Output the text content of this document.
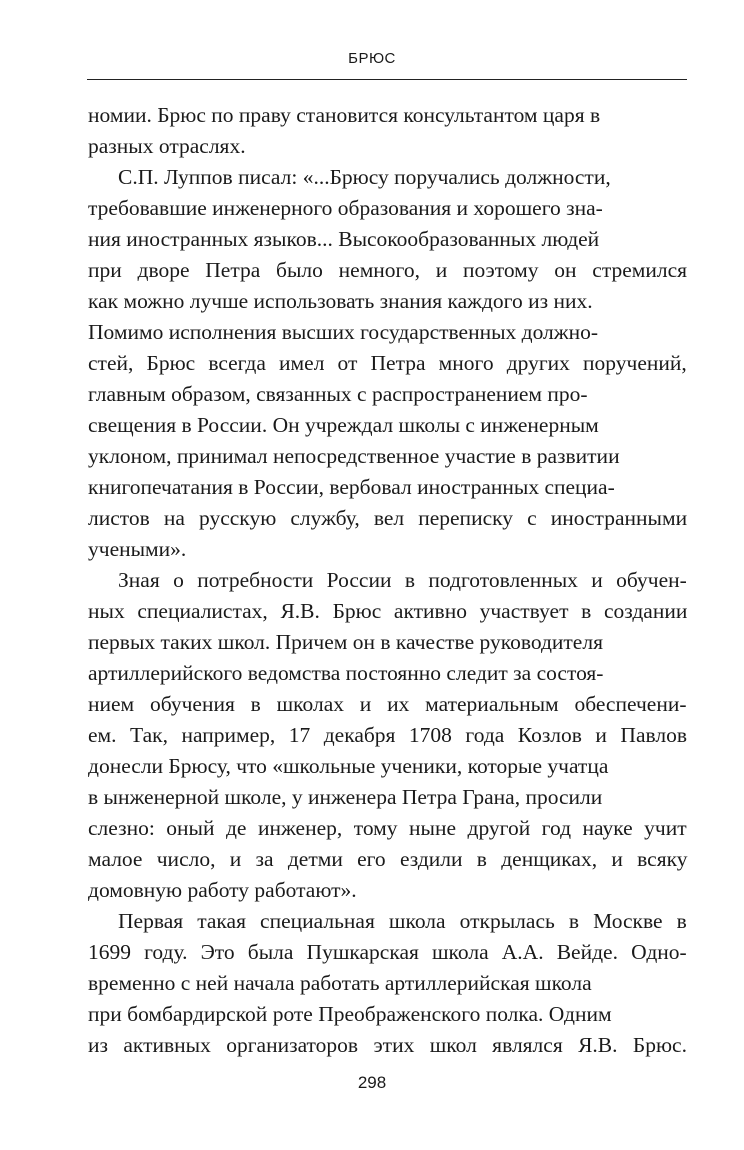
БРЮС
номии. Брюс по праву становится консультантом царя в
разных отраслях.
С.П. Луппов писал: «...Брюсу поручались должности,
требовавшие инженерного образования и хорошего зна-
ния иностранных языков... Высокообразованных людей
при дворе Петра было немного, и поэтому он стремился
как можно лучше использовать знания каждого из них.
Помимо исполнения высших государственных должно-
стей, Брюс всегда имел от Петра много других поручений,
главным образом, связанных с распространением про-
свещения в России. Он учреждал школы с инженерным
уклоном, принимал непосредственное участие в развитии
книгопечатания в России, вербовал иностранных специа-
листов на русскую службу, вел переписку с иностранными
учеными».
Зная о потребности России в подготовленных и обучен-
ных специалистах, Я.В. Брюс активно участвует в создании
первых таких школ. Причем он в качестве руководителя
артиллерийского ведомства постоянно следит за состоя-
нием обучения в школах и их материальным обеспечени-
ем. Так, например, 17 декабря 1708 года Козлов и Павлов
донесли Брюсу, что «школьные ученики, которые учатца
в ынженерной школе, у инженера Петра Грана, просили
слезно: оный де инженер, тому ныне другой год науке учит
малое число, и за детми его ездили в денщиках, и всяку
домовную работу работают».
Первая такая специальная школа открылась в Москве в
1699 году. Это была Пушкарская школа А.А. Вейде. Одно-
временно с ней начала работать артиллерийская школа
при бомбардирской роте Преображенского полка. Одним
из активных организаторов этих школ являлся Я.В. Брюс.
298
